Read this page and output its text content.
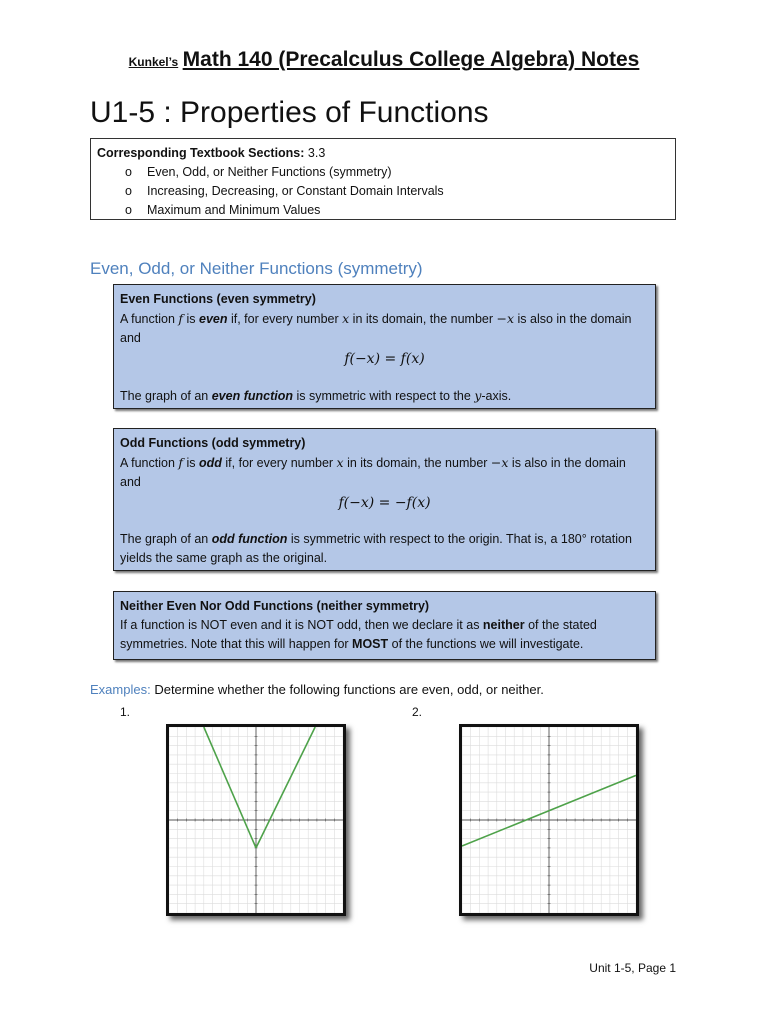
Kunkel’s Math 140 (Precalculus College Algebra) Notes
U1-5 : Properties of Functions
Corresponding Textbook Sections: 3.3
o Even, Odd, or Neither Functions (symmetry)
o Increasing, Decreasing, or Constant Domain Intervals
o Maximum and Minimum Values
Even, Odd, or Neither Functions (symmetry)
Even Functions (even symmetry)
A function f is even if, for every number x in its domain, the number −x is also in the domain and
f(−x) = f(x)
The graph of an even function is symmetric with respect to the y-axis.
Odd Functions (odd symmetry)
A function f is odd if, for every number x in its domain, the number −x is also in the domain and
f(−x) = −f(x)
The graph of an odd function is symmetric with respect to the origin. That is, a 180° rotation yields the same graph as the original.
Neither Even Nor Odd Functions (neither symmetry)
If a function is NOT even and it is NOT odd, then we declare it as neither of the stated symmetries. Note that this will happen for MOST of the functions we will investigate.
Examples: Determine whether the following functions are even, odd, or neither.
1.	2.
Unit 1-5, Page 1
